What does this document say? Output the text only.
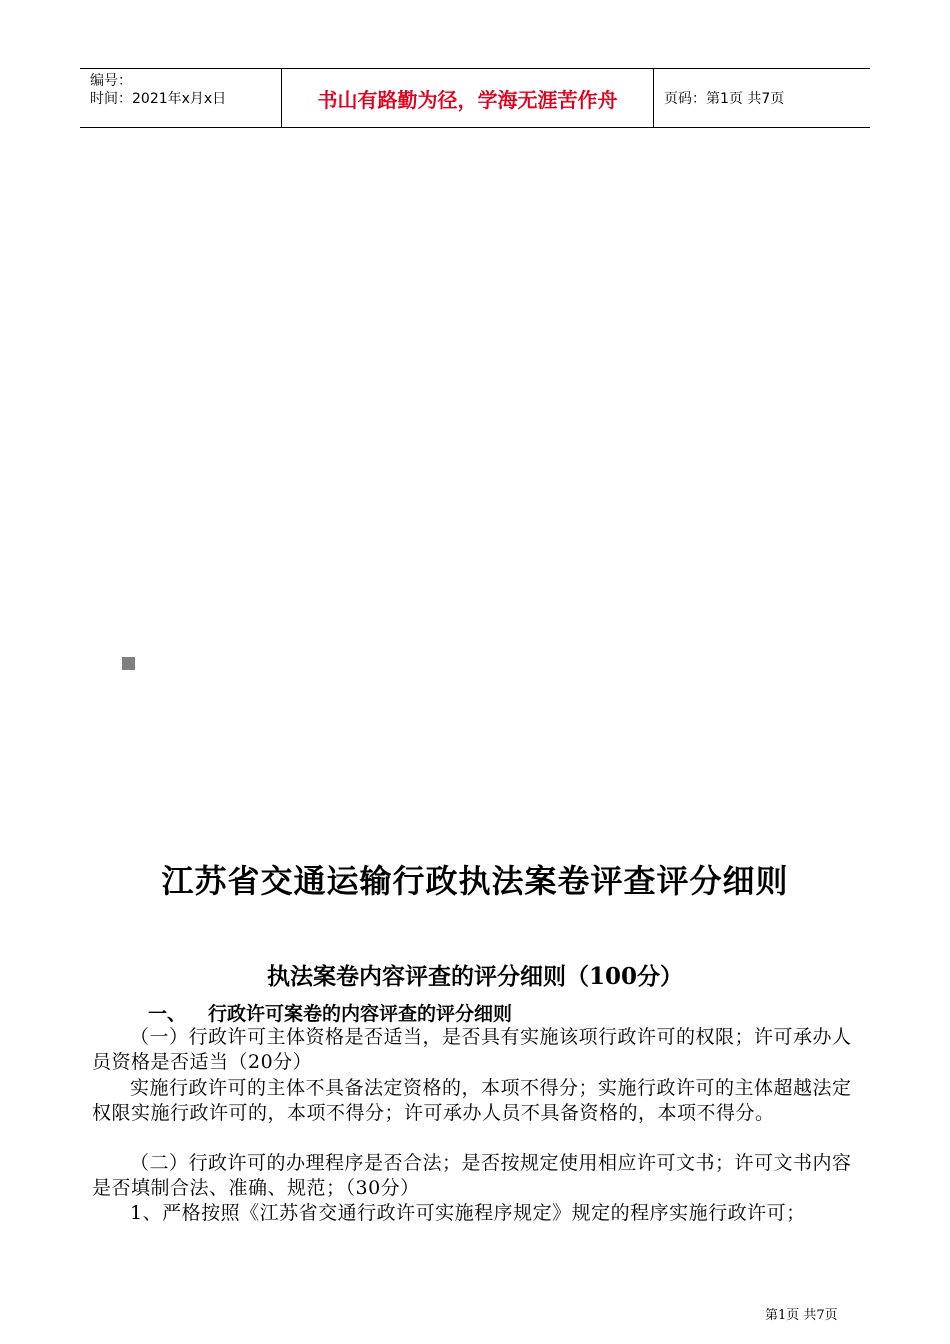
编号：
时间：2021年x月x日	书山有路勤为径，学海无涯苦作舟	页码：第1页 共7页
江苏省交通运输行政执法案卷评查评分细则
执法案卷内容评查的评分细则（100分）
一、 行政许可案卷的内容评查的评分细则

（一）行政许可主体资格是否适当，是否具有实施该项行政许可的权限；许可承办人员资格是否适当（20分）

实施行政许可的主体不具备法定资格的，本项不得分；实施行政许可的主体超越法定权限实施行政许可的，本项不得分；许可承办人员不具备资格的，本项不得分。

（二）行政许可的办理程序是否合法；是否按规定使用相应许可文书；许可文书内容是否填制合法、准确、规范；（30分）

1、严格按照《江苏省交通行政许可实施程序规定》规定的程序实施行政许可；

第1页 共7页
